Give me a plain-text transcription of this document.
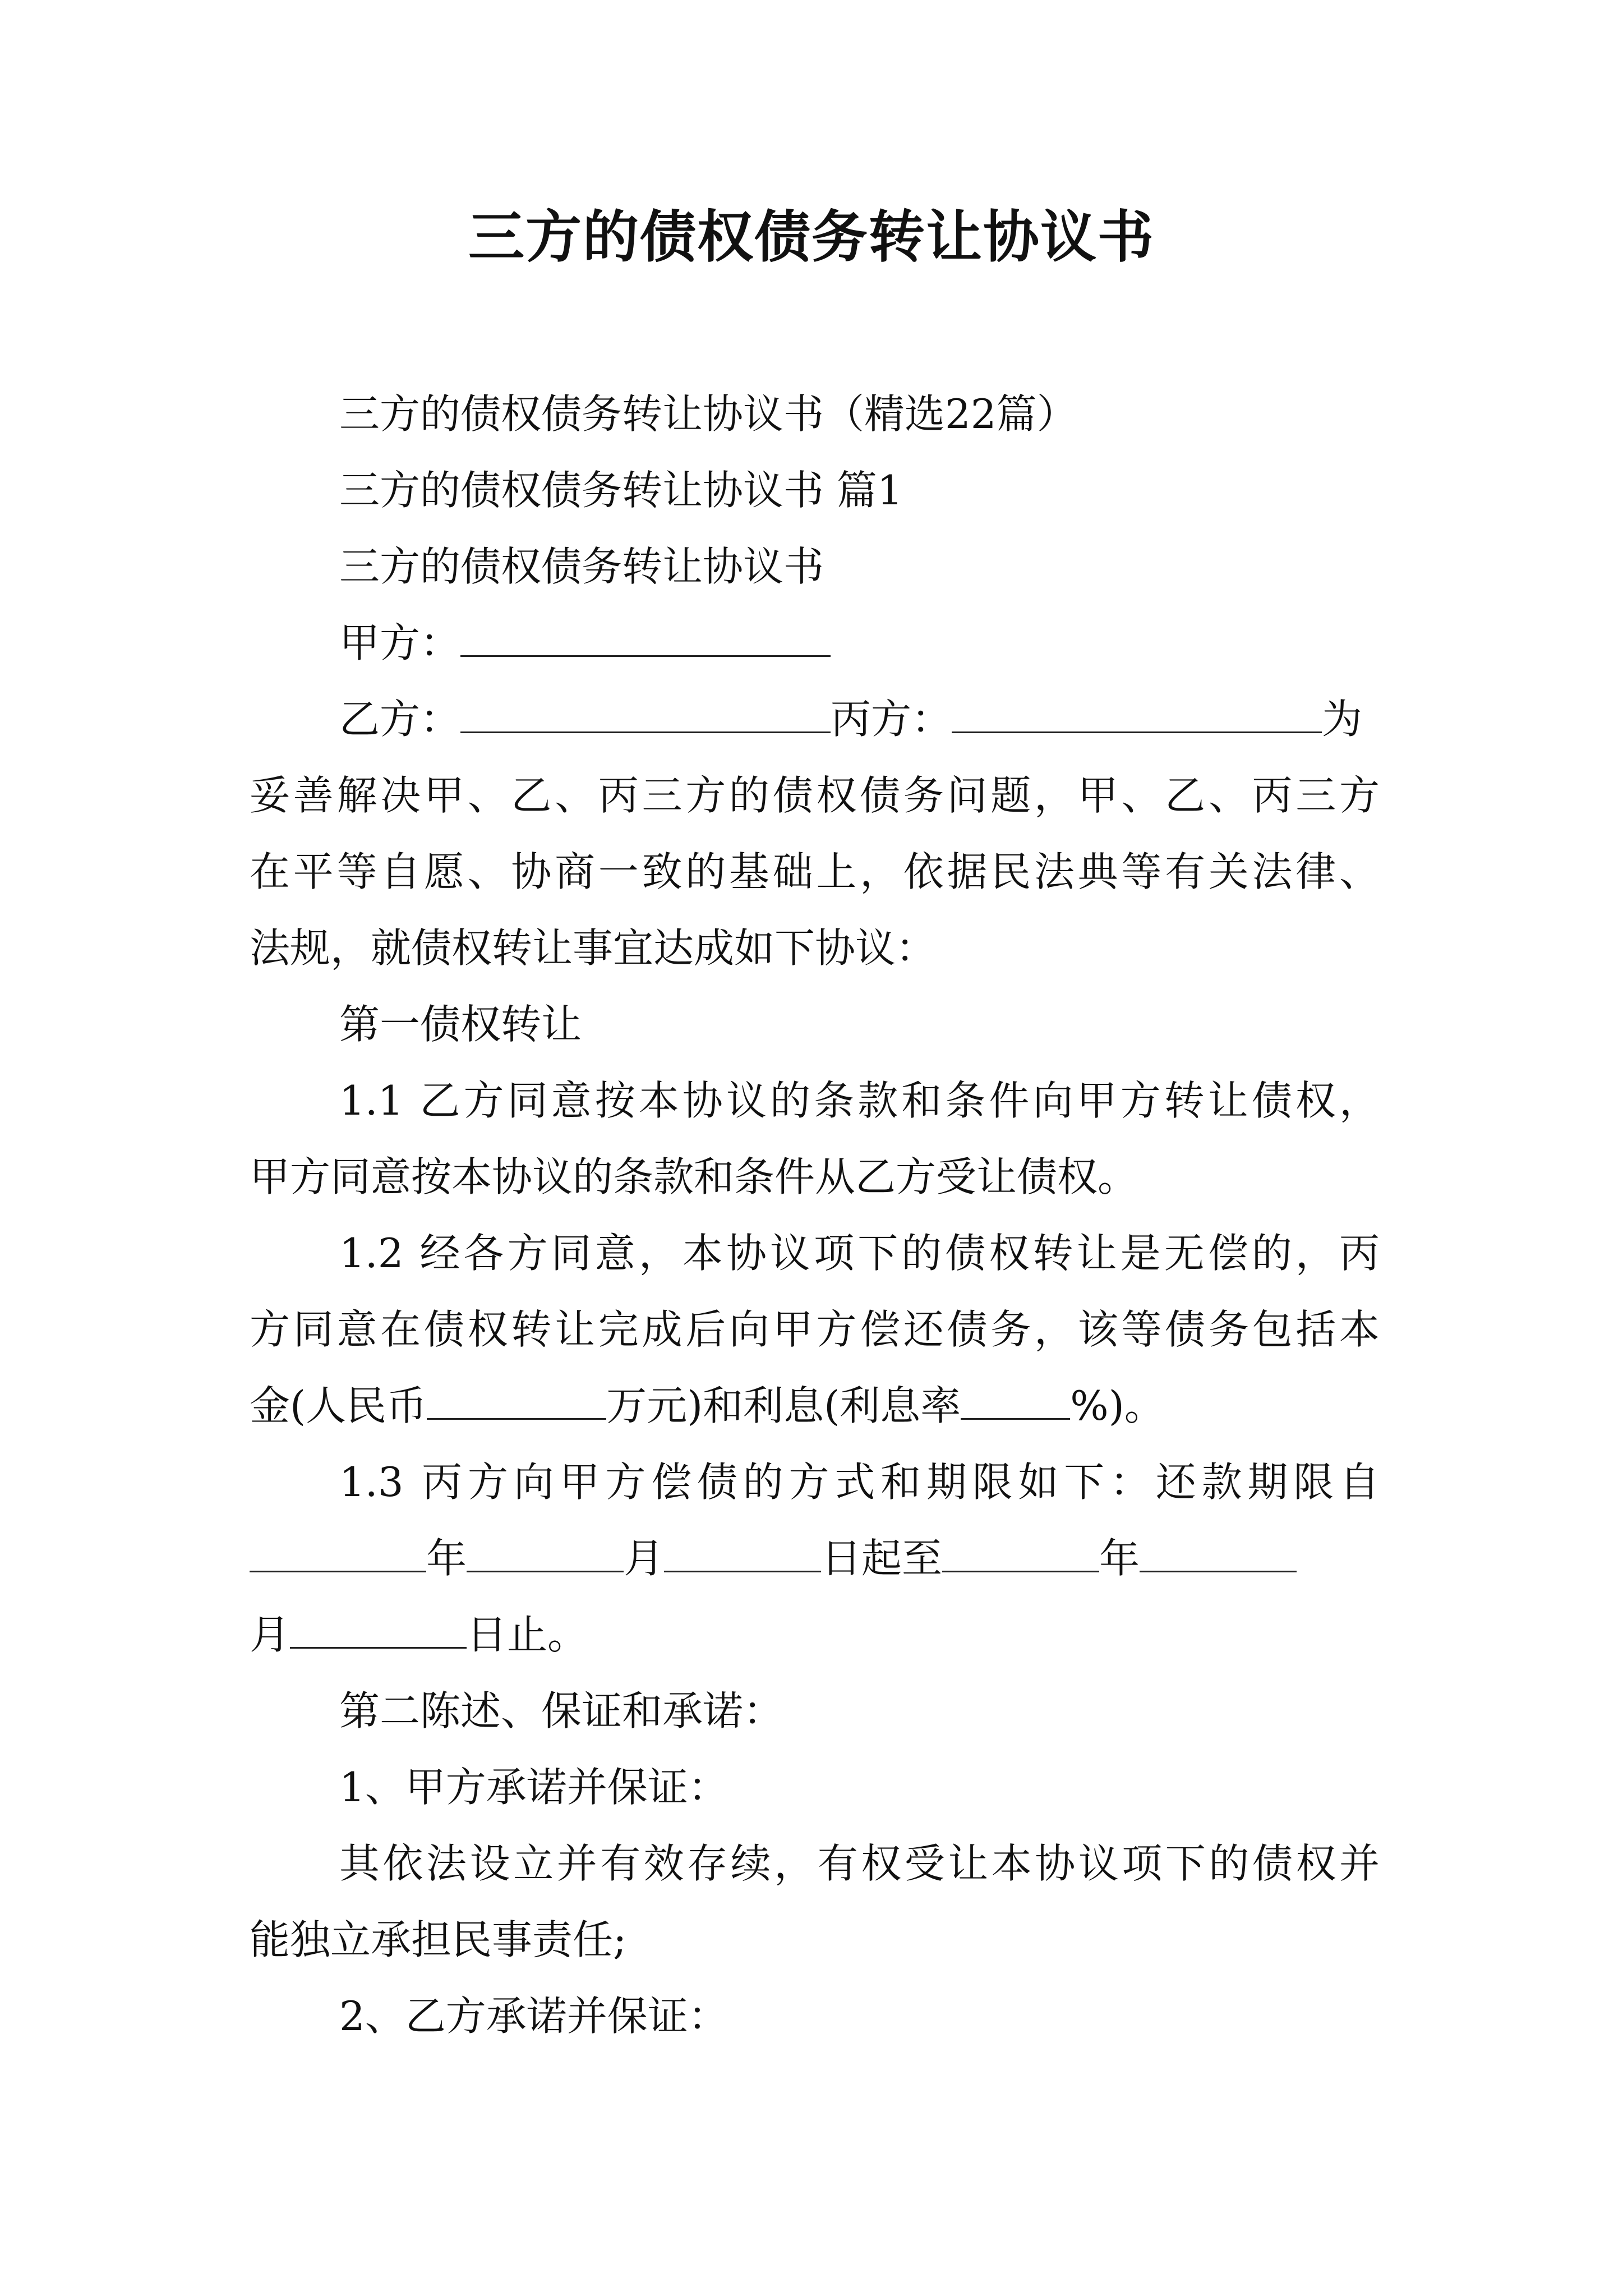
三方的债权债务转让协议书
三方的债权债务转让协议书（精选22篇）
三方的债权债务转让协议书 篇1
三方的债权债务转让协议书
甲方：
乙方：	丙方：	为
妥善解决甲、乙、丙三方的债权债务问题，甲、乙、丙三方
在平等自愿、协商一致的基础上，依据民法典等有关法律、
法规，就债权转让事宜达成如下协议：
第一债权转让
1.1 乙方同意按本协议的条款和条件向甲方转让债权，
甲方同意按本协议的条款和条件从乙方受让债权。
1.2 经各方同意，本协议项下的债权转让是无偿的，丙
方同意在债权转让完成后向甲方偿还债务，该等债务包括本
金(人民币	万元)和利息(利息率	%)。
1.3 丙方向甲方偿债的方式和期限如下：还款期限自
年	月	日起至	年
月	日止。
第二陈述、保证和承诺：
1、甲方承诺并保证：
其依法设立并有效存续，有权受让本协议项下的债权并
能独立承担民事责任;
2、乙方承诺并保证：
